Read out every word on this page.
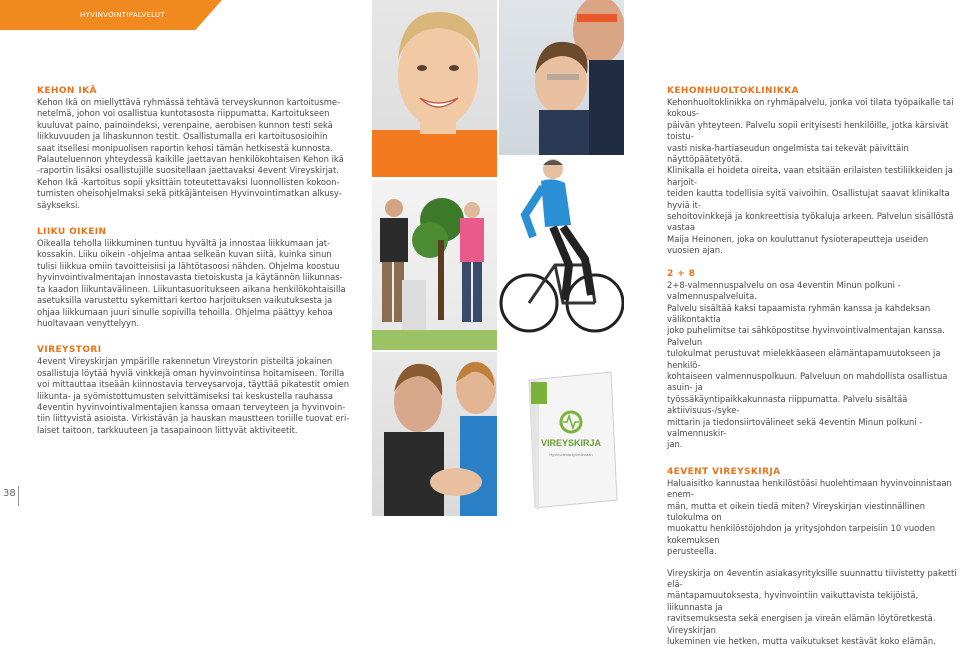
HYVINVOINTIPALVELUT
KEHON IKÄ

Kehon Ikä on miellyttävä ryhmässä tehtävä terveyskunnon kartoitusme-
netelmä, johon voi osallistua kuntotasosta riippumatta. Kartoitukseen
kuuluvat paino, painoindeksi, verenpaine, aerobisen kunnon testi sekä
liikkuvuuden ja lihaskunnon testit. Osallistumalla eri kartoitusosioihin
saat itsellesi monipuolisen raportin kehosi tämän hetkisestä kunnosta.
Palauteluennon yhteydessä kaikille jaettavan henkilökohtaisen Kehon ikä
-raportin lisäksi osallistujille suositellaan jaettavaksi 4event Vireyskirjat.

Kehon Ikä -kartoitus sopii yksittäin toteutettavaksi luonnollisten kokoon-
tumisten oheisohjelmaksi sekä pitkäjänteisen Hyvinvointimatkan alkusy-
säykseksi.

LIIKU OIKEIN

Oikealla teholla liikkuminen tuntuu hyvältä ja innostaa liikkumaan jat-
kossakin. Liiku oikein -ohjelma antaa selkeän kuvan siitä, kuinka sinun
tulisi liikkua omiin tavoitteisiisi ja lähtötasoosi nähden. Ohjelma koostuu
hyvinvointivalmentajan innostavasta tietoiskusta ja käytännön liikunnas-
ta kaadon liikuntavälineen. Liikuntasuoritukseen aikana henkilökohtaisilla
asetuksilla varustettu sykemittari kertoo harjoituksen vaikutuksesta ja
ohjaa liikkumaan juuri sinulle sopivilla tehoilla. Ohjelma päättyy kehoa
huoltavaan venyttelyyn.

VIREYSTORI

4event Vireyskirjan ympärille rakennetun Vireystorin pisteiltä jokainen
osallistuja löytää hyviä vinkkejä oman hyvinvointinsa hoitamiseen. Torilla
voi mittauttaa itseään kiinnostavia terveysarvoja, täyttää pikatestit omien
liikunta- ja syömistottumusten selvittämiseksi tai keskustella rauhassa
4eventin hyvinvointivalmentajien kanssa omaan terveyteen ja hyvinvoin-
tiin liittyvistä asioista. Virkistävän ja hauskan maustteen toriille tuovat eri-
laiset taitoon, tarkkuuteen ja tasapainoon liittyvät aktiviteetit.

VIREYSKIRJA
Hyvinvointia työelämään
KEHONHUOLTOKLINIKKA

Kehonhuoltoklinikka on ryhmäpalvelu, jonka voi tilata työpaikalle tai kokous-
päivän yhteyteen. Palvelu sopii erityisesti henkilöille, jotka kärsivät toistu-
vasti niska-hartiaseudun ongelmista tai tekevät päivittäin näyttöpäätetyötä.
Klinikalla ei hoideta oireita, vaan etsitään erilaisten testiliikkeiden ja harjoit-
teiden kautta todellisia syitä vaivoihin. Osallistujat saavat klinikalta hyviä it-
sehoitovinkkejä ja konkreettisia työkaluja arkeen. Palvelun sisällöstä vastaa
Maija Heinonen, joka on kouluttanut fysioterapeutteja useiden vuosien ajan.

2 + 8

2+8-valmennuspalvelu on osa 4eventin Minun polkuni -valmennuspalveluita.
Palvelu sisältää kaksi tapaamista ryhmän kanssa ja kahdeksan välikontaktia
joko puhelimitse tai sähköpostitse hyvinvointivalmentajan kanssa. Palvelun
tulokulmat perustuvat mielekkäaseen elämäntapamuutokseen ja henkilö-
kohtaiseen valmennuspolkuun. Palveluun on mahdollista osallistua asuin- ja
työssäkäyntipaikkakunnasta riippumatta. Palvelu sisältää aktiivisuus-/syke-
mittarin ja tiedonsiirtovälineet sekä 4eventin Minun polkuni -valmennuskir-
jan.

4EVENT VIREYSKIRJA

Haluaisitko kannustaa henkilöstöäsi huolehtimaan hyvinvoinnistaan enem-
män, mutta et oikein tiedä miten? Vireyskirjan viestinnällinen tulokulma on
muokattu henkilöstöjohdon ja yritysjohdon tarpeisiin 10 vuoden kokemuksen
perusteella.

Vireyskirja on 4eventin asiakasyrityksille suunnattu tiivistetty paketti elä-
mäntapamuutoksesta, hyvinvointiin vaikuttavista tekijöistä, liikunnasta ja
ravitsemuksesta sekä energisen ja vireän elämän löytöretkestä. Vireyskirjan
lukeminen vie hetken, mutta vaikutukset kestävät koko elämän.

38
